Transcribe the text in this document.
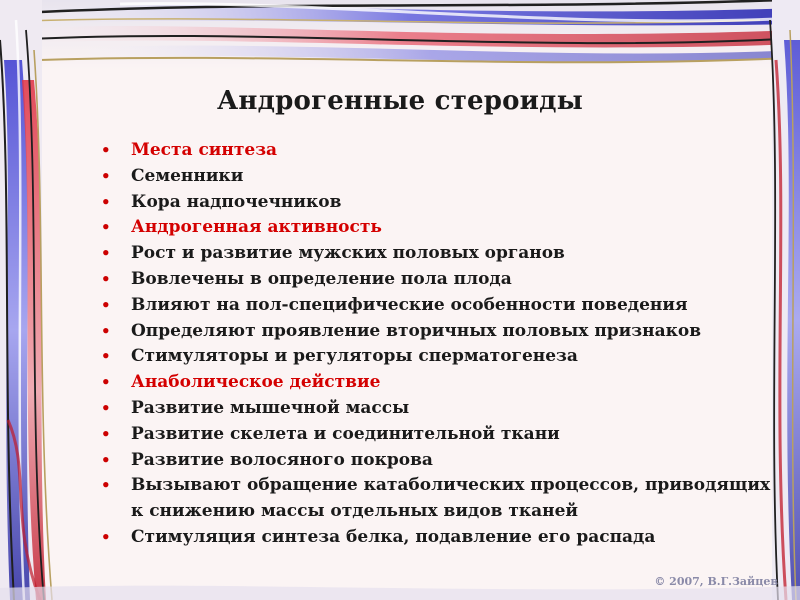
Андрогенные стероиды
• Места синтеза
• Семенники
• Кора надпочечников
• Андрогенная активность
• Рост и развитие мужских половых органов
• Вовлечены в определение пола плода
• Влияют на пол-специфические особенности поведения
• Определяют проявление вторичных половых признаков
• Стимуляторы и регуляторы сперматогенеза
• Анаболическое действие
• Развитие мышечной массы
• Развитие скелета и соединительной ткани
• Развитие волосяного покрова
• Вызывают обращение катаболических процессов, приводящих к снижению массы отдельных видов тканей
• Стимуляция синтеза белка, подавление его распада
© 2007, В.Г.Зайцев
